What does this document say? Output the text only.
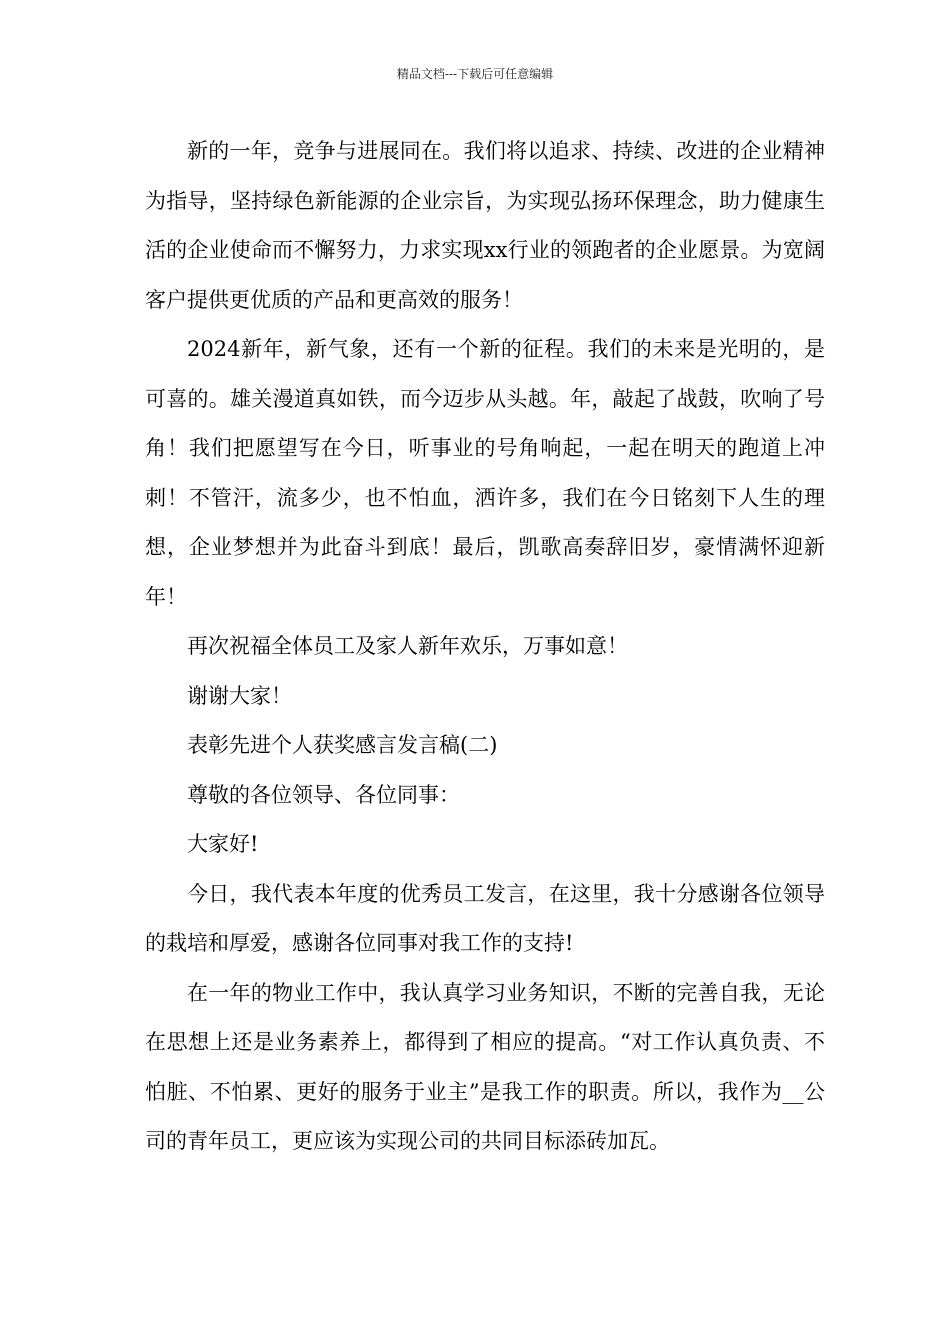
精品文档---下载后可任意编辑

新的一年，竞争与进展同在。我们将以追求、持续、改进的企业精神为指导，坚持绿色新能源的企业宗旨，为实现弘扬环保理念，助力健康生活的企业使命而不懈努力，力求实现xx行业的领跑者的企业愿景。为宽阔客户提供更优质的产品和更高效的服务！

2024新年，新气象，还有一个新的征程。我们的未来是光明的，是可喜的。雄关漫道真如铁，而今迈步从头越。年，敲起了战鼓，吹响了号角！我们把愿望写在今日，听事业的号角响起，一起在明天的跑道上冲刺！不管汗，流多少，也不怕血，洒许多，我们在今日铭刻下人生的理想，企业梦想并为此奋斗到底！最后，凯歌高奏辞旧岁，豪情满怀迎新年！

再次祝福全体员工及家人新年欢乐，万事如意！

谢谢大家！

表彰先进个人获奖感言发言稿(二)

尊敬的各位领导、各位同事：

大家好!

今日，我代表本年度的优秀员工发言，在这里，我十分感谢各位领导的栽培和厚爱，感谢各位同事对我工作的支持!

在一年的物业工作中，我认真学习业务知识，不断的完善自我，无论在思想上还是业务素养上，都得到了相应的提高。“对工作认真负责、不怕脏、不怕累、更好的服务于业主”是我工作的职责。所以，我作为__公司的青年员工，更应该为实现公司的共同目标添砖加瓦。
